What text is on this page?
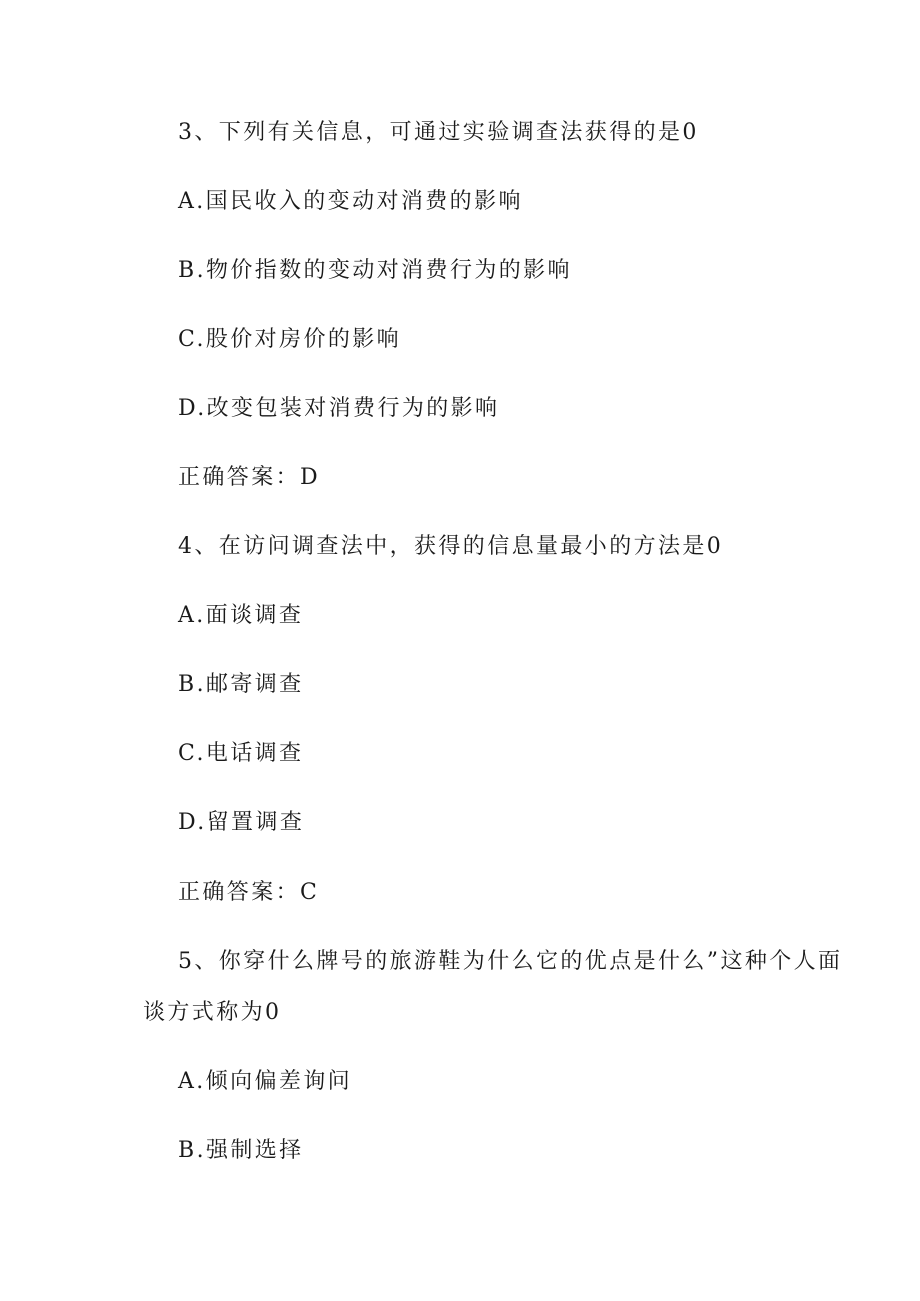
3、下列有关信息，可通过实验调查法获得的是0
A.国民收入的变动对消费的影响
B.物价指数的变动对消费行为的影响
C.股价对房价的影响
D.改变包装对消费行为的影响
正确答案：D
4、在访问调查法中，获得的信息量最小的方法是0
A.面谈调查
B.邮寄调查
C.电话调查
D.留置调查
正确答案：C
5、你穿什么牌号的旅游鞋为什么它的优点是什么”这种个人面
谈方式称为0
A.倾向偏差询问
B.强制选择
